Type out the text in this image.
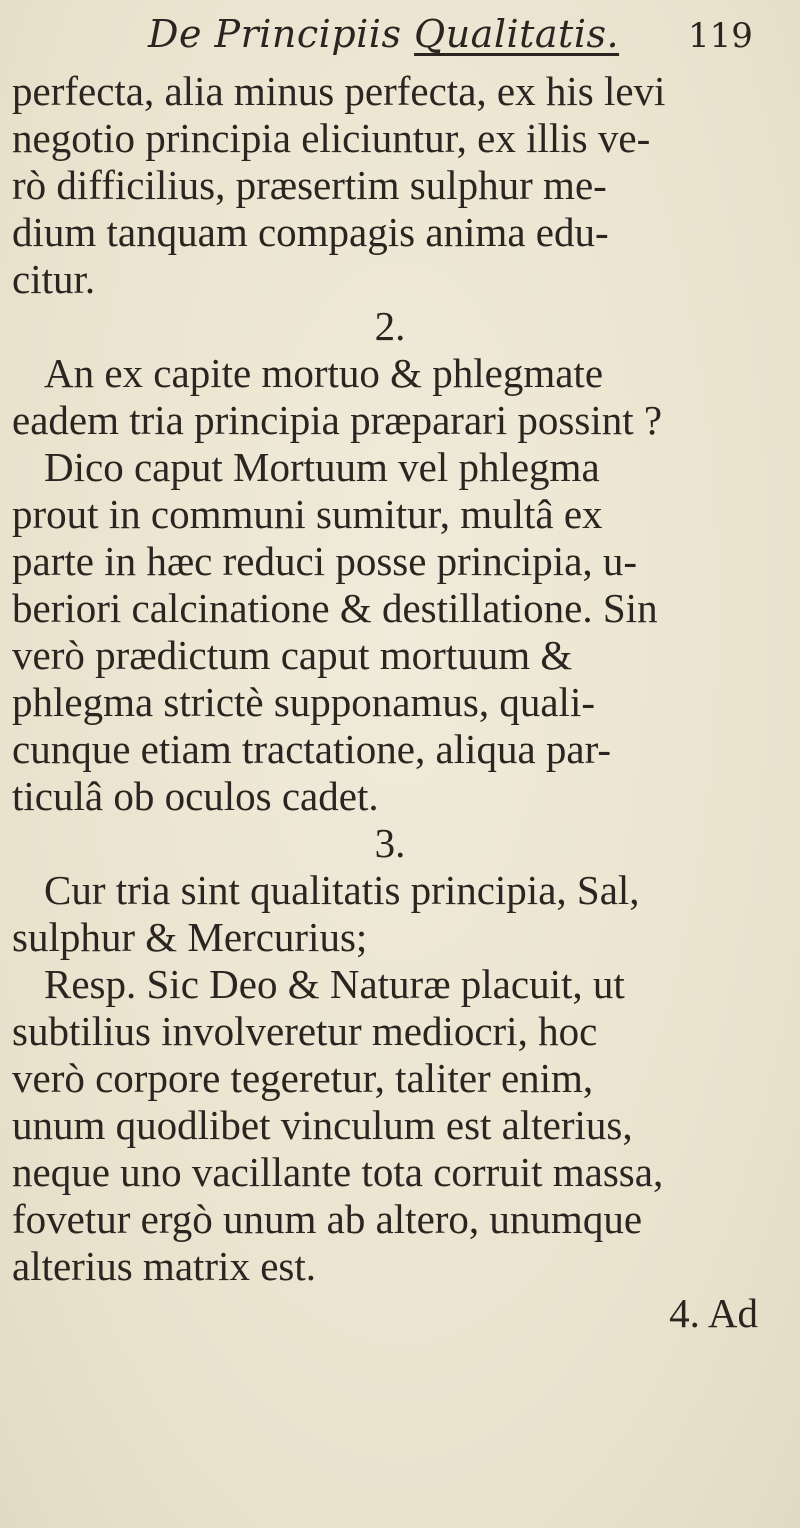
De Principiis Qualitatis. 119
perfecta, alia minus perfecta, ex his levi
negotio principia eliciuntur, ex illis ve-
rò difficilius, præsertim sulphur me-
dium tanquam compagis anima edu-
citur.
2.
An ex capite mortuo & phlegmate
eadem tria principia præparari possint ?
Dico caput Mortuum vel phlegma
prout in communi sumitur, multâ ex
parte in hæc reduci posse principia, u-
beriori calcinatione & destillatione. Sin
verò prædictum caput mortuum &
phlegma strictè supponamus, quali-
cunque etiam tractatione, aliqua par-
ticulâ ob oculos cadet.
3.
Cur tria sint qualitatis principia, Sal,
sulphur & Mercurius;
Resp. Sic Deo & Naturæ placuit, ut
subtilius involveretur mediocri, hoc
verò corpore tegeretur, taliter enim,
unum quodlibet vinculum est alterius,
neque uno vacillante tota corruit massa,
fovetur ergò unum ab altero, unumque
alterius matrix est.
4. Ad
